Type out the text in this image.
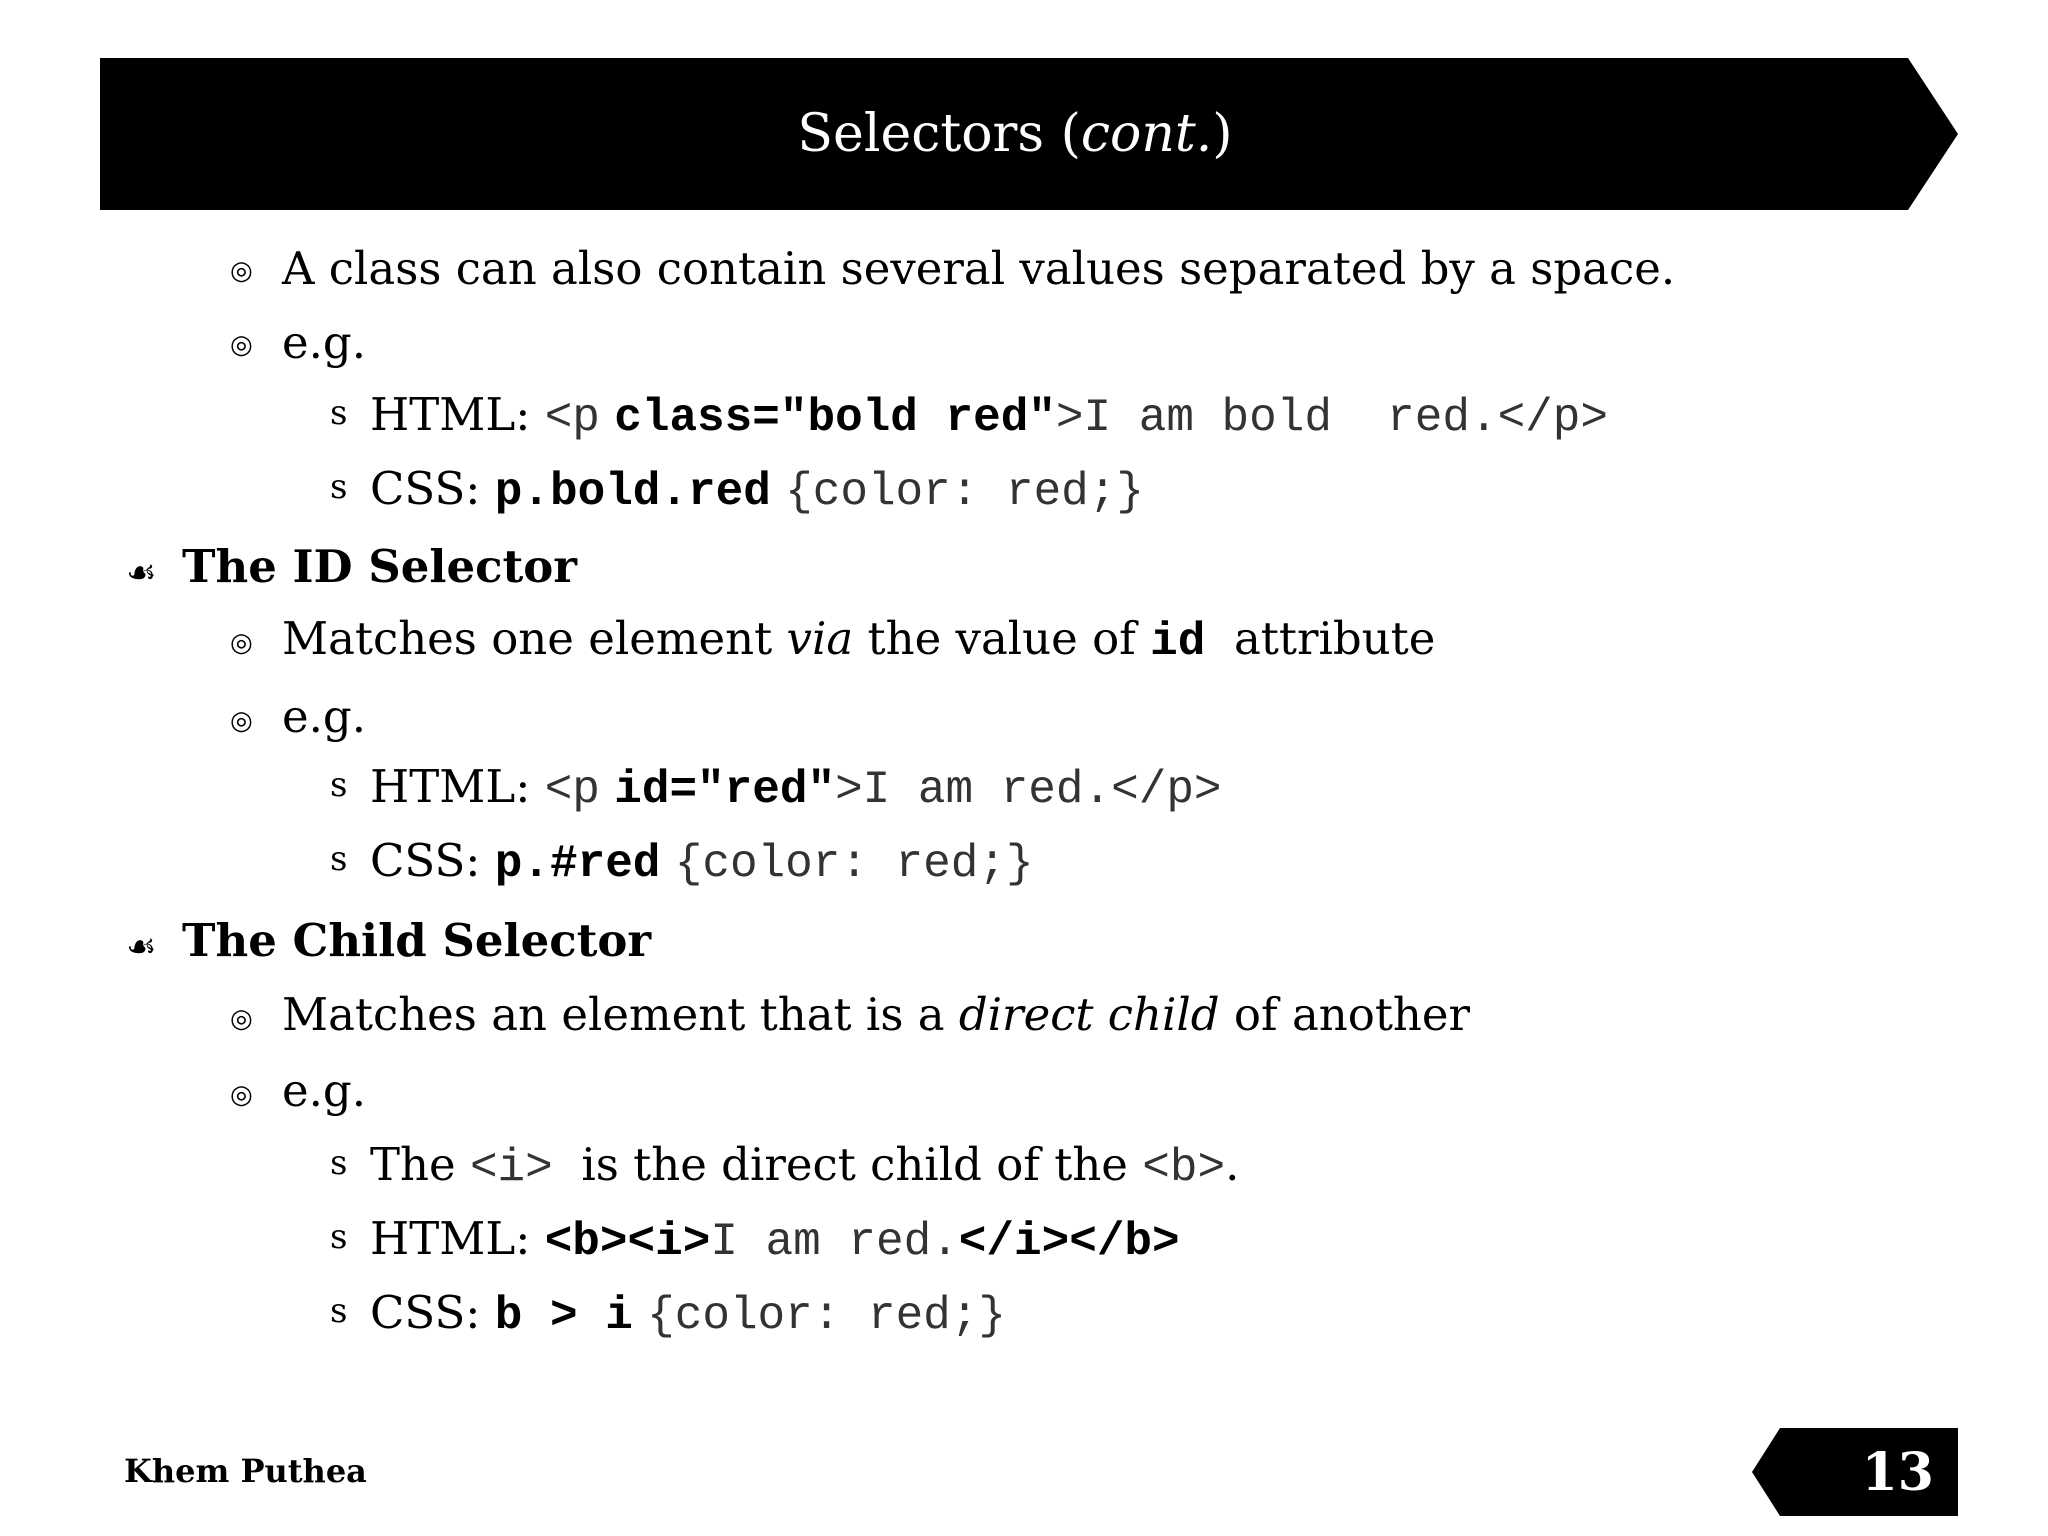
Selectors ( cont. )
◎ A class can also contain several values separated by a space.
◎ e.g.
s HTML: <p class="bold red">I am bold  red.</p>
s CSS: p.bold.red {color: red;}
☙ The ID Selector
◎ Matches one element via the value of id attribute
◎ e.g.
s HTML: <p id="red">I am red.</p>
s CSS: p.#red {color: red;}
☙ The Child Selector
◎ Matches an element that is a direct child of another
◎ e.g.
s The <i> is the direct child of the <b>.
s HTML: <b><i>I am red.</i></b>
s CSS: b > i {color: red;}
Khem Puthea	13
